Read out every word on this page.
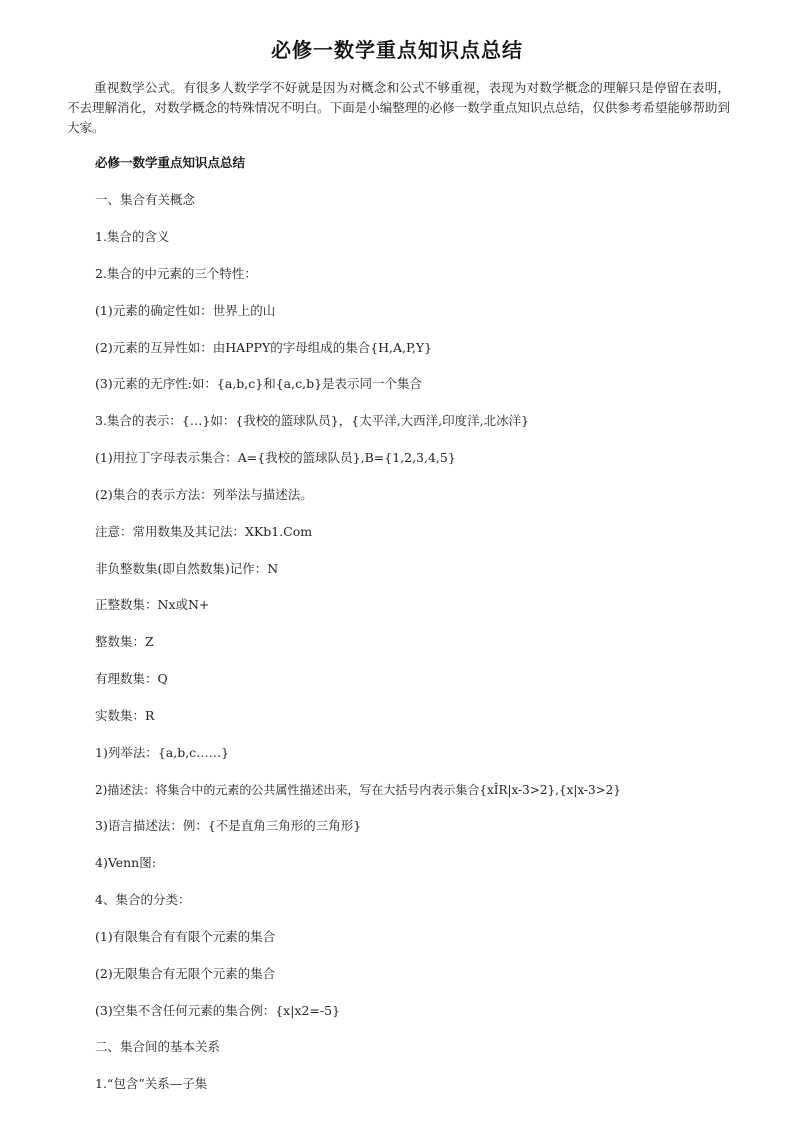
必修一数学重点知识点总结
重视数学公式。有很多人数学学不好就是因为对概念和公式不够重视，表现为对数学概念的理解只是停留在表明，不去理解消化，对数学概念的特殊情况不明白。下面是小编整理的必修一数学重点知识点总结，仅供参考希望能够帮助到大家。
必修一数学重点知识点总结
一、集合有关概念
1.集合的含义
2.集合的中元素的三个特性：
(1)元素的确定性如：世界上的山
(2)元素的互异性如：由HAPPY的字母组成的集合{H,A,P,Y}
(3)元素的无序性:如：{a,b,c}和{a,c,b}是表示同一个集合
3.集合的表示：{…}如：{我校的篮球队员}，{太平洋,大西洋,印度洋,北冰洋}
(1)用拉丁字母表示集合：A={我校的篮球队员},B={1,2,3,4,5}
(2)集合的表示方法：列举法与描述法。
注意：常用数集及其记法：XKb1.Com
非负整数集(即自然数集)记作：N
正整数集：Nx或N+
整数集：Z
有理数集：Q
实数集：R
1)列举法：{a,b,c……}
2)描述法：将集合中的元素的公共属性描述出来，写在大括号内表示集合{xÎR|x-3>2},{x|x-3>2}
3)语言描述法：例：{不是直角三角形的三角形}
4)Venn图:
4、集合的分类：
(1)有限集合有有限个元素的集合
(2)无限集合有无限个元素的集合
(3)空集不含任何元素的集合例：{x|x2=-5}
二、集合间的基本关系
1.“包含”关系—子集
